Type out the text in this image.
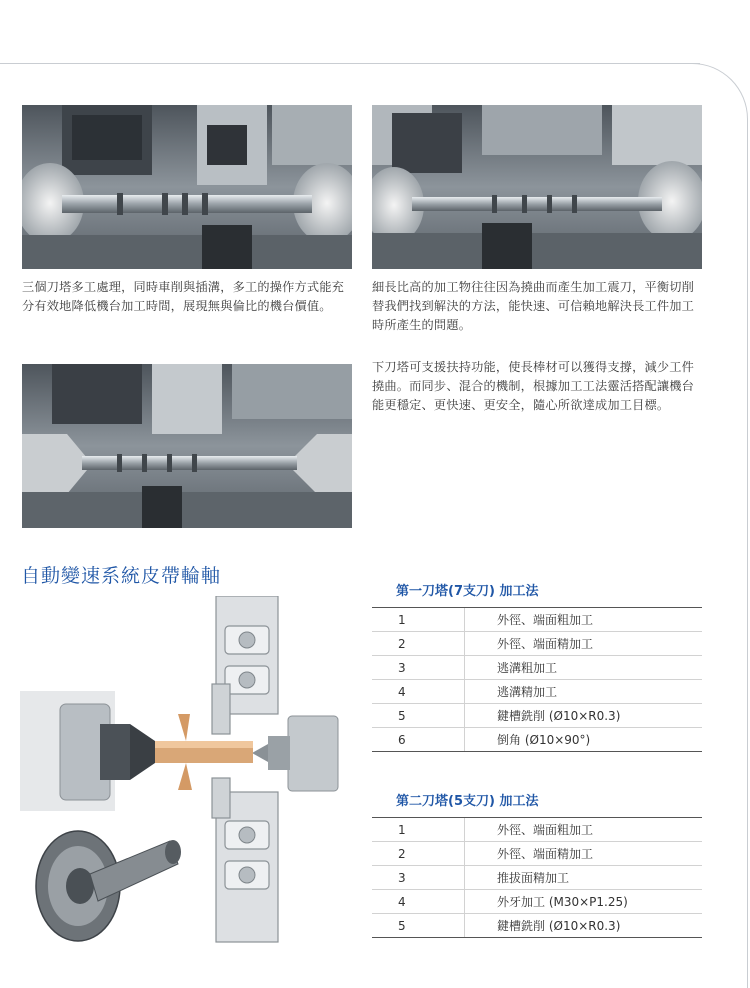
三個刀塔多工處理，同時車削與插溝，多工的操作方式能充分有效地降低機台加工時間，展現無與倫比的機台價值。

細長比高的加工物往往因為撓曲而產生加工震刀，平衡切削替我們找到解決的方法，能快速、可信賴地解決長工件加工時所產生的問題。

下刀塔可支援扶持功能，使長棒材可以獲得支撐，減少工件撓曲。而同步、混合的機制，根據加工工法靈活搭配讓機台能更穩定、更快速、更安全，隨心所欲達成加工目標。

自動變速系統皮帶輪軸
第一刀塔(7支刀) 加工法
1	外徑、端面粗加工
2	外徑、端面精加工
3	逃溝粗加工
4	逃溝精加工
5	鍵槽銑削 (Ø10×R0.3)
6	倒角 (Ø10×90°)
第二刀塔(5支刀) 加工法
1	外徑、端面粗加工
2	外徑、端面精加工
3	推拔面精加工
4	外牙加工 (M30×P1.25)
5	鍵槽銑削 (Ø10×R0.3)
